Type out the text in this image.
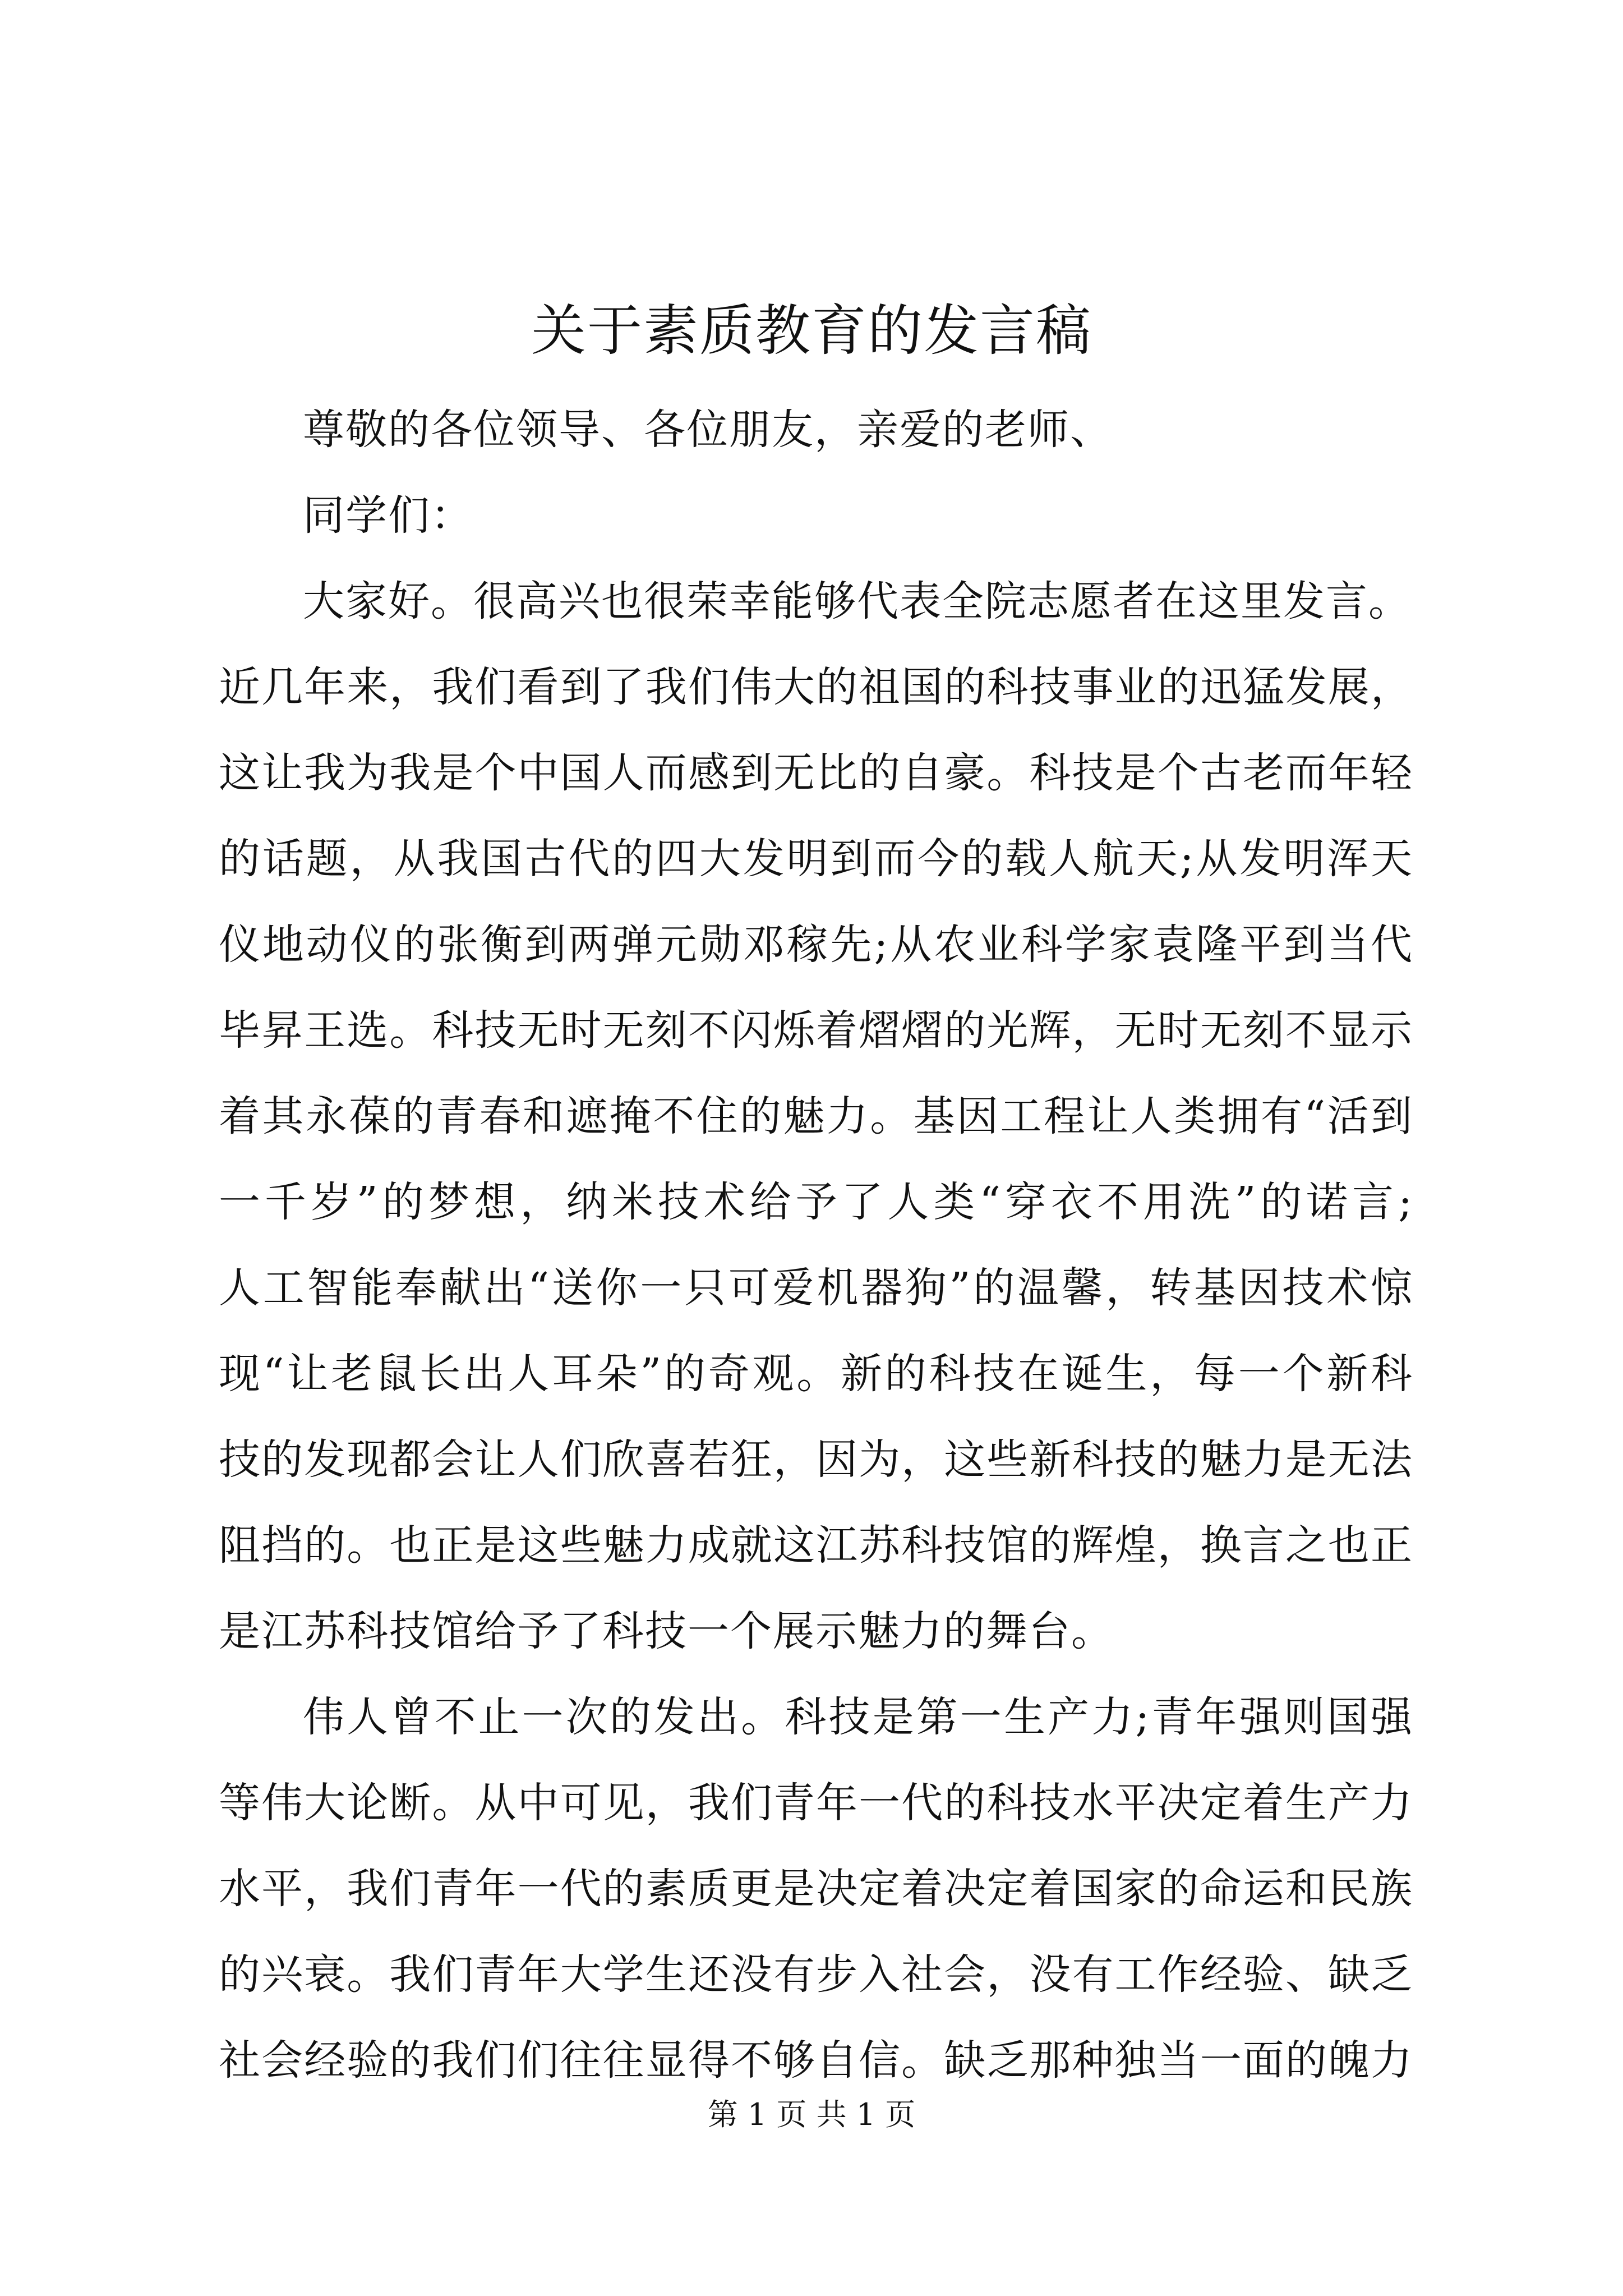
关于素质教育的发言稿
尊敬的各位领导、各位朋友，亲爱的老师、
同学们：
大家好。很高兴也很荣幸能够代表全院志愿者在这里发言。
近几年来，我们看到了我们伟大的祖国的科技事业的迅猛发展，
这让我为我是个中国人而感到无比的自豪。科技是个古老而年轻
的话题，从我国古代的四大发明到而今的载人航天;从发明浑天
仪地动仪的张衡到两弹元勋邓稼先;从农业科学家袁隆平到当代
毕昇王选。科技无时无刻不闪烁着熠熠的光辉，无时无刻不显示
着其永葆的青春和遮掩不住的魅力。基因工程让人类拥有“活到
一千岁”的梦想，纳米技术给予了人类“穿衣不用洗”的诺言;
人工智能奉献出“送你一只可爱机器狗”的温馨，转基因技术惊
现“让老鼠长出人耳朵”的奇观。新的科技在诞生，每一个新科
技的发现都会让人们欣喜若狂，因为，这些新科技的魅力是无法
阻挡的。也正是这些魅力成就这江苏科技馆的辉煌，换言之也正
是江苏科技馆给予了科技一个展示魅力的舞台。
伟人曾不止一次的发出。科技是第一生产力;青年强则国强
等伟大论断。从中可见，我们青年一代的科技水平决定着生产力
水平，我们青年一代的素质更是决定着决定着国家的命运和民族
的兴衰。我们青年大学生还没有步入社会，没有工作经验、缺乏
社会经验的我们们往往显得不够自信。缺乏那种独当一面的魄力
第 1 页 共 1 页
